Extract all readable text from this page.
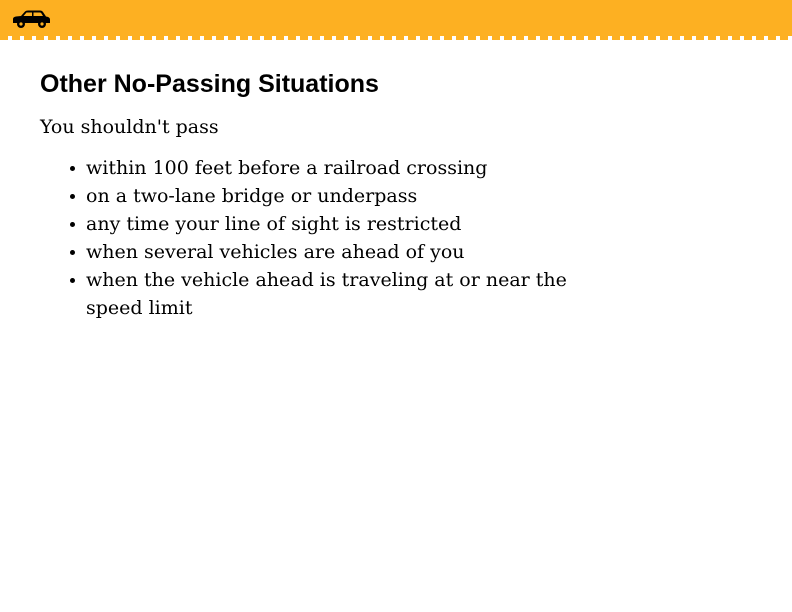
Other No-Passing Situations

You shouldn't pass

within 100 feet before a railroad crossing
on a two-lane bridge or underpass
any time your line of sight is restricted
when several vehicles are ahead of you
when the vehicle ahead is traveling at or near the speed limit
